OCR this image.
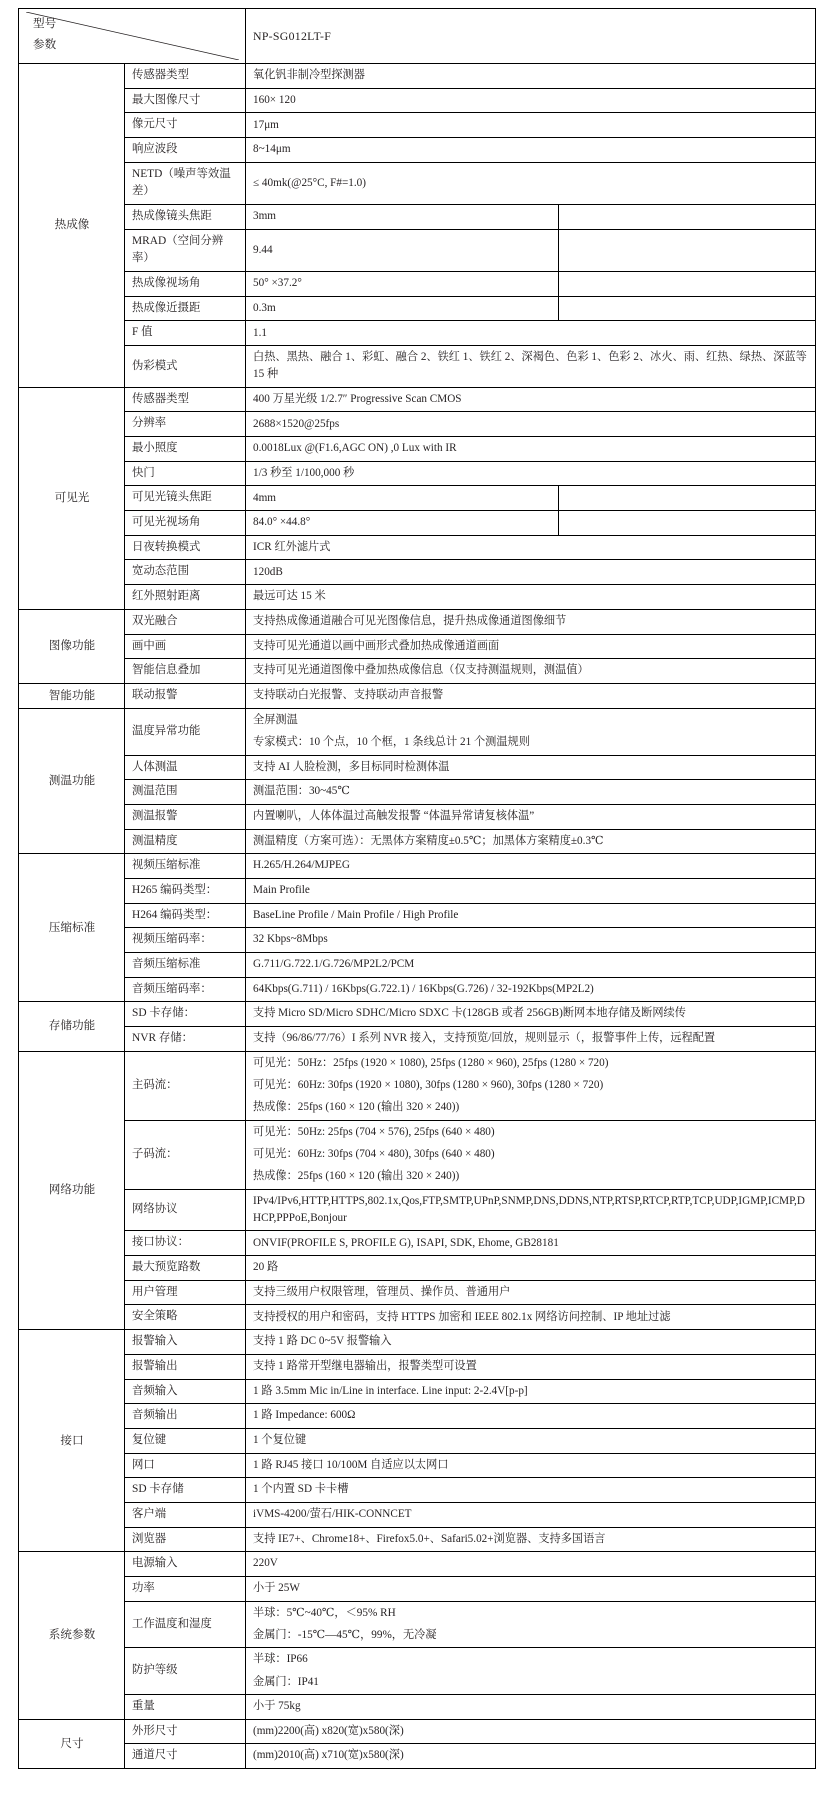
型号
参数		NP-SG012LT-F	
热成像	传感器类型	氧化钒非制冷型探测器	

	最大图像尺寸	160× 120	

	像元尺寸	17μm	

	响应波段	8~14μm	

	NETD（噪声等效温差）	≤ 40mk(@25°C, F#=1.0)	

	热成像镜头焦距	3mm	

	MRAD（空间分辨率）	9.44	

	热成像视场角	50° ×37.2°	

	热成像近摄距	0.3m	

	F 值	1.1	

	伪彩模式	白热、黑热、融合 1、彩虹、融合 2、铁红 1、铁红 2、深褐色、色彩 1、色彩 2、冰火、雨、红热、绿热、深蓝等 15 种	

可见光	传感器类型	400 万星光级 1/2.7″ Progressive Scan CMOS	

	分辨率	2688×1520@25fps	

	最小照度	0.0018Lux @(F1.6,AGC ON) ,0 Lux with IR	

	快门	1/3 秒至 1/100,000 秒	

	可见光镜头焦距	4mm	

	可见光视场角	84.0° ×44.8°	

	日夜转换模式	ICR 红外滤片式	

	宽动态范围	120dB	

	红外照射距离	最远可达 15 米	

图像功能	双光融合	支持热成像通道融合可见光图像信息，提升热成像通道图像细节	

	画中画	支持可见光通道以画中画形式叠加热成像通道画面	

	智能信息叠加	支持可见光通道图像中叠加热成像信息（仅支持测温规则，测温值）	

智能功能	联动报警	支持联动白光报警、支持联动声音报警	

测温功能	温度异常功能	全屏测温
专家模式：10 个点，10 个框，1 条线总计 21 个测温规则	

	人体测温	支持 AI 人脸检测，多目标同时检测体温	

	测温范围	测温范围：30~45℃	

	测温报警	内置喇叭，人体体温过高触发报警 “体温异常请复核体温”	

	测温精度	测温精度（方案可选）：无黑体方案精度±0.5℃；加黑体方案精度±0.3℃	

压缩标准	视频压缩标准	H.265/H.264/MJPEG	

	H265 编码类型：	Main Profile	

	H264 编码类型：	BaseLine Profile / Main Profile / High Profile	

	视频压缩码率：	32 Kbps~8Mbps	

	音频压缩标准	G.711/G.722.1/G.726/MP2L2/PCM	

	音频压缩码率：	64Kbps(G.711) / 16Kbps(G.722.1) / 16Kbps(G.726) / 32-192Kbps(MP2L2)	

存储功能	SD 卡存储：	支持 Micro SD/Micro SDHC/Micro SDXC 卡(128GB 或者 256GB)断网本地存储及断网续传	

	NVR 存储：	支持（96/86/77/76）I 系列 NVR 接入，支持预览/回放，规则显示（，报警事件上传，远程配置	

网络功能	主码流：	可见光：50Hz：25fps (1920 × 1080), 25fps (1280 × 960), 25fps (1280 × 720)
可见光：60Hz: 30fps (1920 × 1080), 30fps (1280 × 960), 30fps (1280 × 720)
热成像：25fps (160 × 120 (输出 320 × 240))	

	子码流：	可见光：50Hz: 25fps (704 × 576), 25fps (640 × 480)
可见光：60Hz: 30fps (704 × 480), 30fps (640 × 480)
热成像：25fps (160 × 120 (输出 320 × 240))	

	网络协议	IPv4/IPv6,HTTP,HTTPS,802.1x,Qos,FTP,SMTP,UPnP,SNMP,DNS,DDNS,NTP,RTSP,RTCP,RTP,TCP,UDP,IGMP,ICMP,DHCP,PPPoE,Bonjour	

	接口协议：	ONVIF(PROFILE S, PROFILE G), ISAPI, SDK, Ehome, GB28181	

	最大预览路数	20 路	

	用户管理	支持三级用户权限管理，管理员、操作员、普通用户	

	安全策略	支持授权的用户和密码，支持 HTTPS 加密和 IEEE 802.1x 网络访问控制、IP 地址过滤	

接口	报警输入	支持 1 路 DC 0~5V 报警输入	

	报警输出	支持 1 路常开型继电器输出，报警类型可设置	

	音频输入	1 路 3.5mm Mic in/Line in interface. Line input: 2-2.4V[p-p]	

	音频输出	1 路 Impedance: 600Ω	

	复位键	1 个复位键	

	网口	1 路 RJ45 接口 10/100M 自适应以太网口	

	SD 卡存储	1 个内置 SD 卡卡槽	

	客户端	iVMS-4200/萤石/HIK-CONNCET	

	浏览器	支持 IE7+、Chrome18+、Firefox5.0+、Safari5.02+浏览器、支持多国语言	

系统参数	电源输入	220V	

	功率	小于 25W	

	工作温度和湿度	半球：5℃~40℃，＜95% RH
金属门：-15℃—45℃，99%，无冷凝	

	防护等级	半球：IP66
金属门：IP41	

	重量	小于 75kg	

尺寸	外形尺寸	(mm)2200(高) x820(宽)x580(深)	

	通道尺寸	(mm)2010(高) x710(宽)x580(深)	
